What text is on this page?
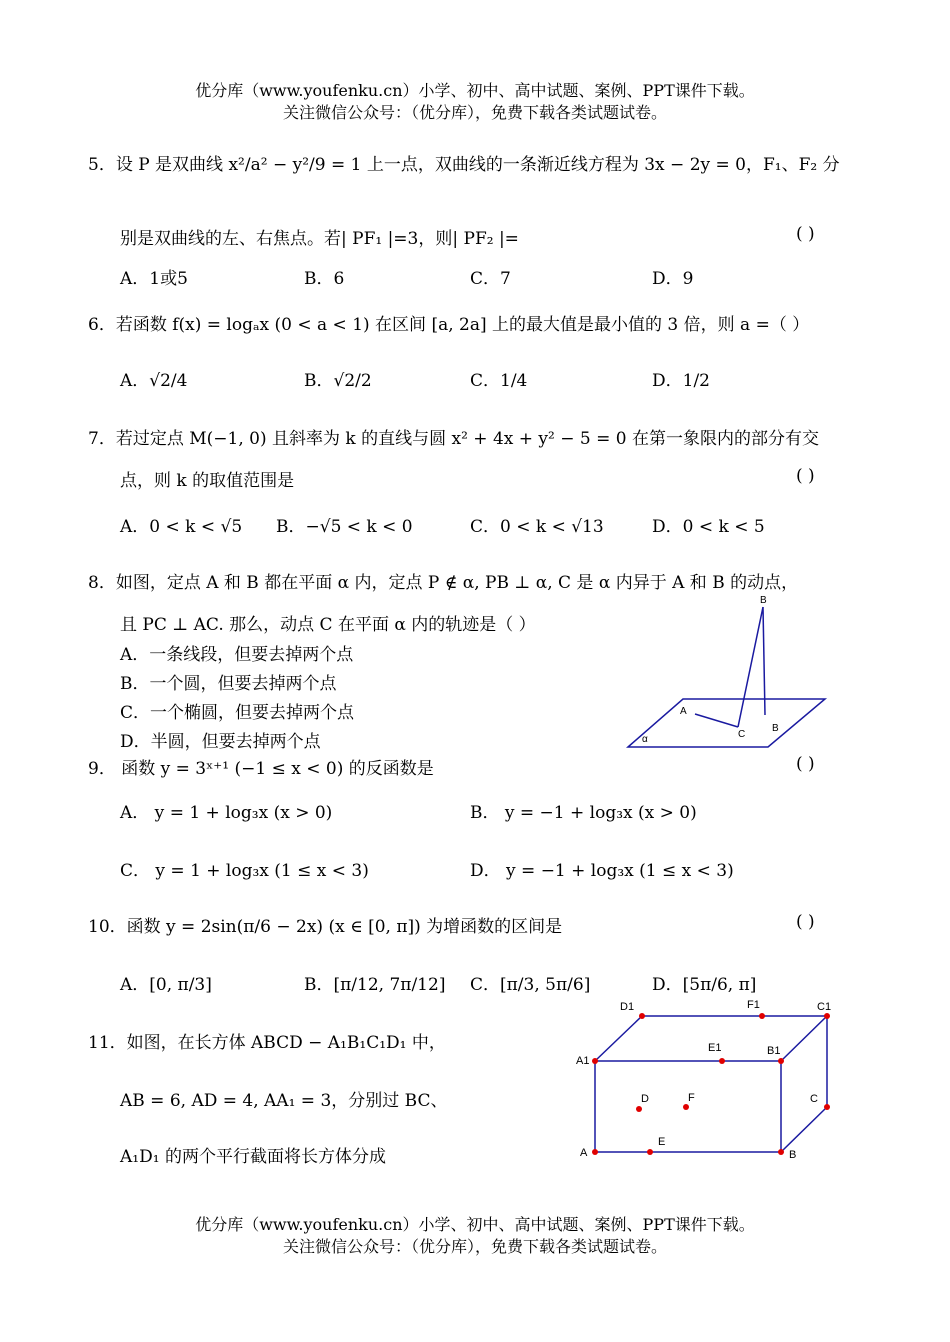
优分库（www.youfenku.cn）小学、初中、高中试题、案例、PPT课件下载。
关注微信公众号：（优分库），免费下载各类试题试卷。
5．设 P 是双曲线 x²/a² − y²/9 = 1 上一点，双曲线的一条渐近线方程为 3x − 2y = 0，F₁、F₂ 分
别是双曲线的左、右焦点。若| PF₁ |=3，则| PF₂ |=	( )
A．1或5	B．6	C．7	D．9
6．若函数 f(x) = logₐx (0 < a < 1) 在区间 [a, 2a] 上的最大值是最小值的 3 倍，则 a =（ ）
A．√2/4	B．√2/2	C．1/4	D．1/2
7．若过定点 M(−1, 0) 且斜率为 k 的直线与圆 x² + 4x + y² − 5 = 0 在第一象限内的部分有交
点，则 k 的取值范围是	( )
A．0 < k < √5 B．−√5 < k < 0	C．0 < k < √13	D．0 < k < 5
8．如图，定点 A 和 B 都在平面 α 内，定点 P ∉ α, PB ⊥ α, C 是 α 内异于 A 和 B 的动点，
且 PC ⊥ AC. 那么，动点 C 在平面 α 内的轨迹是（ ）
A．一条线段，但要去掉两个点
B．一个圆，但要去掉两个点
C．一个椭圆，但要去掉两个点
D．半圆，但要去掉两个点
B
A
C
B
α
9． 函数 y = 3ˣ⁺¹ (−1 ≤ x < 0) 的反函数是	( )
A． y = 1 + log₃x (x > 0)	B． y = −1 + log₃x (x > 0)
C． y = 1 + log₃x (1 ≤ x < 3)	D． y = −1 + log₃x (1 ≤ x < 3)
10．函数 y = 2sin(π/6 − 2x) (x ∈ [0, π]) 为增函数的区间是	( )
A．[0, π/3]	B．[π/12, 7π/12] C．[π/3, 5π/6]	D．[5π/6, π]
11．如图，在长方体 ABCD − A₁B₁C₁D₁ 中，
AB = 6, AD = 4, AA₁ = 3，分别过 BC、
A₁D₁ 的两个平行截面将长方体分成
D1	F1	C1
A1
E1	B1
D	F	C
E
A	B
优分库（www.youfenku.cn）小学、初中、高中试题、案例、PPT课件下载。
关注微信公众号：（优分库），免费下载各类试题试卷。
